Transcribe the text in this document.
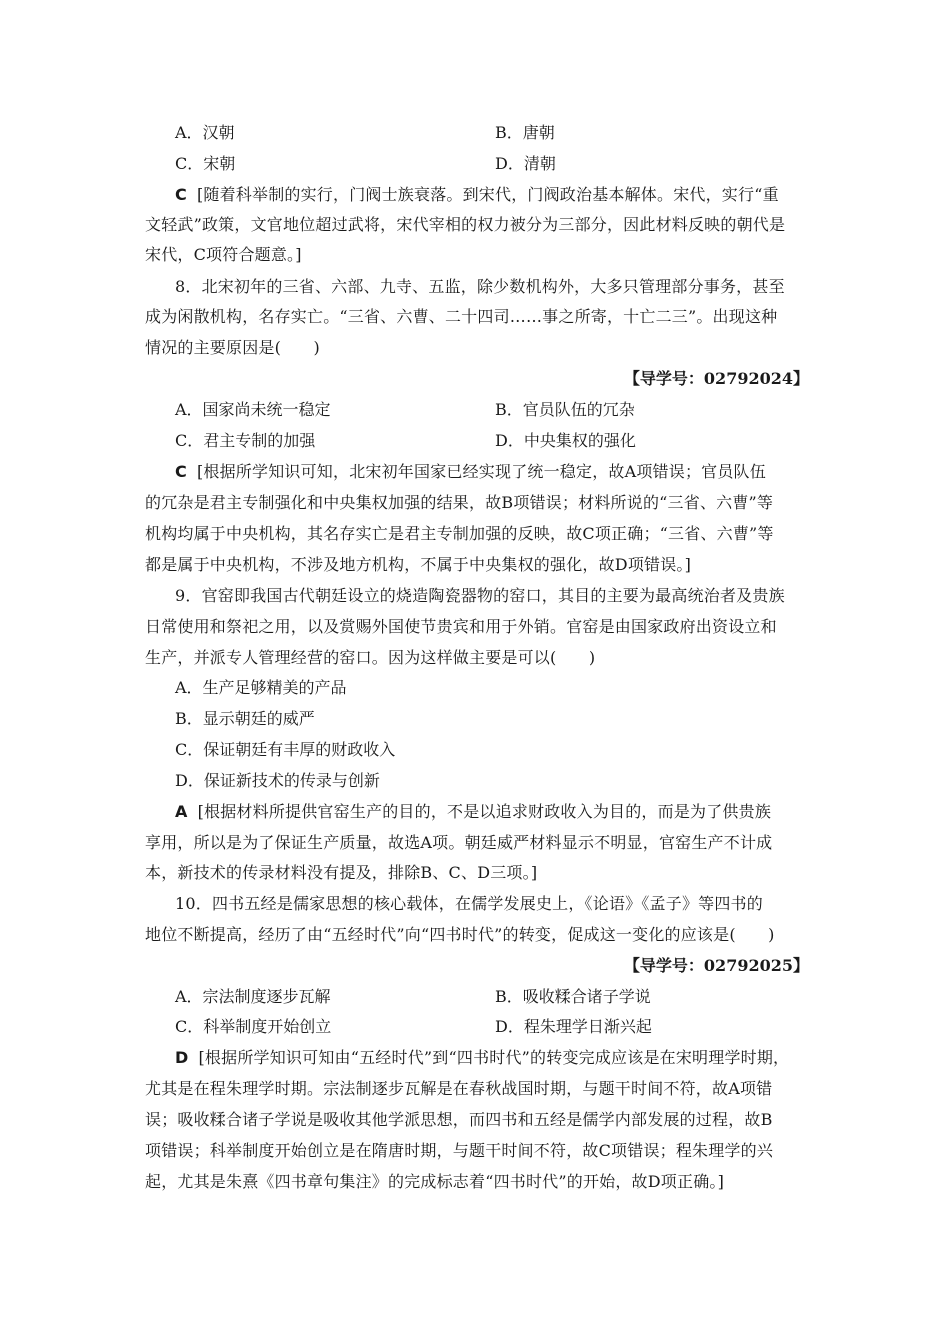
A．汉朝	B．唐朝
C．宋朝	D．清朝
C [随着科举制的实行，门阀士族衰落。到宋代，门阀政治基本解体。宋代，实行“重
文轻武”政策，文官地位超过武将，宋代宰相的权力被分为三部分，因此材料反映的朝代是
宋代，C项符合题意。]
8．北宋初年的三省、六部、九寺、五监，除少数机构外，大多只管理部分事务，甚至
成为闲散机构，名存实亡。“三省、六曹、二十四司……事之所寄，十亡二三”。出现这种
情况的主要原因是(　　)
【导学号：02792024】
A．国家尚未统一稳定	B．官员队伍的冗杂
C．君主专制的加强	D．中央集权的强化
C [根据所学知识可知，北宋初年国家已经实现了统一稳定，故A项错误；官员队伍
的冗杂是君主专制强化和中央集权加强的结果，故B项错误；材料所说的“三省、六曹”等
机构均属于中央机构，其名存实亡是君主专制加强的反映，故C项正确；“三省、六曹”等
都是属于中央机构，不涉及地方机构，不属于中央集权的强化，故D项错误。]
9．官窑即我国古代朝廷设立的烧造陶瓷器物的窑口，其目的主要为最高统治者及贵族
日常使用和祭祀之用，以及赏赐外国使节贵宾和用于外销。官窑是由国家政府出资设立和
生产，并派专人管理经营的窑口。因为这样做主要是可以(　　)
A．生产足够精美的产品
B．显示朝廷的威严
C．保证朝廷有丰厚的财政收入
D．保证新技术的传录与创新
A [根据材料所提供官窑生产的目的，不是以追求财政收入为目的，而是为了供贵族
享用，所以是为了保证生产质量，故选A项。朝廷威严材料显示不明显，官窑生产不计成
本，新技术的传录材料没有提及，排除B、C、D三项。]
10．四书五经是儒家思想的核心载体，在儒学发展史上，《论语》《孟子》等四书的
地位不断提高，经历了由“五经时代”向“四书时代”的转变，促成这一变化的应该是(　　)
【导学号：02792025】
A．宗法制度逐步瓦解	B．吸收糅合诸子学说
C．科举制度开始创立	D．程朱理学日渐兴起
D [根据所学知识可知由“五经时代”到“四书时代”的转变完成应该是在宋明理学时期，
尤其是在程朱理学时期。宗法制逐步瓦解是在春秋战国时期，与题干时间不符，故A项错
误；吸收糅合诸子学说是吸收其他学派思想，而四书和五经是儒学内部发展的过程，故B
项错误；科举制度开始创立是在隋唐时期，与题干时间不符，故C项错误；程朱理学的兴
起，尤其是朱熹《四书章句集注》的完成标志着“四书时代”的开始，故D项正确。]
